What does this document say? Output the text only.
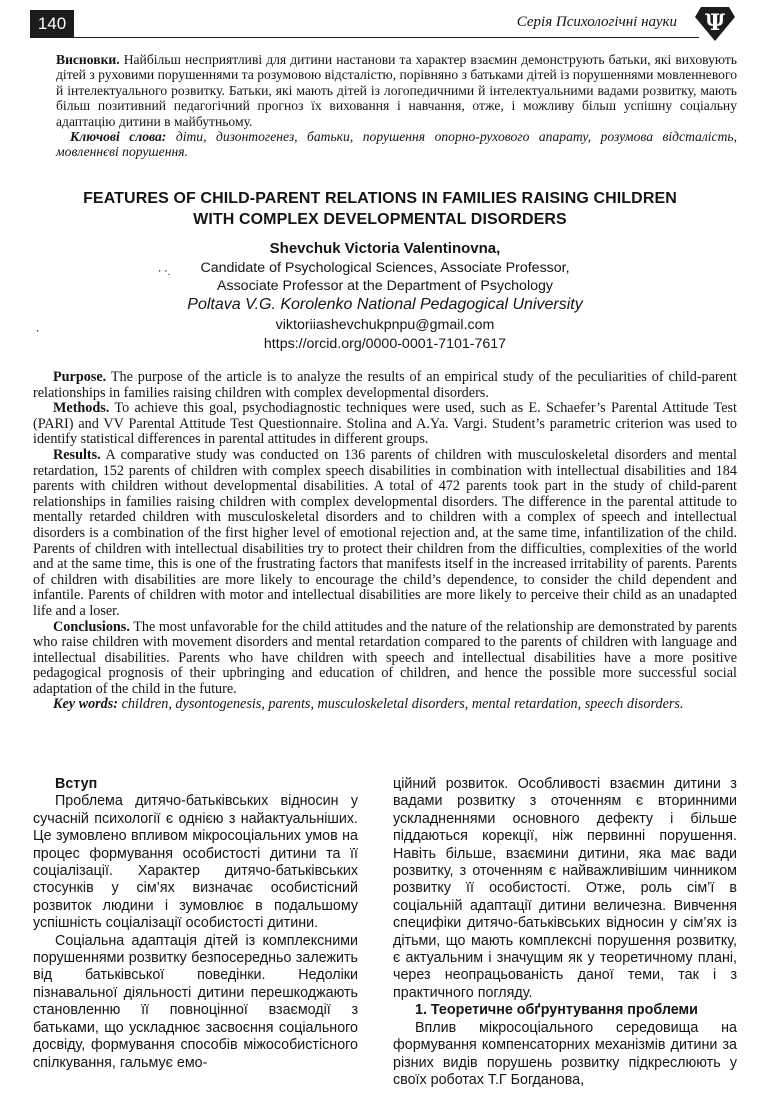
140	Серія Психологічні науки Ψ

Висновки. Найбільш несприятливі для дитини настанови та характер взаємин демонструють батьки, які виховують дітей з руховими порушеннями та розумовою відсталістю, порівняно з батьками дітей із порушеннями мовленневого й інтелектуального розвитку. Батьки, які мають дітей із логопедичними й інтелектуальними вадами розвитку, мають більш позитивний педагогічний прогноз їх виховання і навчання, отже, і можливу більш успішну соціальну адаптацію дитини в майбутньому.

Ключові слова: діти, дизонтогенез, батьки, порушення опорно-рухового апарату, розумова відсталість, мовленнєві порушення.

FEATURES OF CHILD-PARENT RELATIONS IN FAMILIES RAISING CHILDREN
WITH COMPLEX DEVELOPMENTAL DISORDERS
Shevchuk Victoria Valentinovna,
Candidate of Psychological Sciences, Associate Professor,
Associate Professor at the Department of Psychology
Poltava V.G. Korolenko National Pedagogical University
viktoriiashevchukpnpu@gmail.com
https://orcid.org/0000-0001-7101-7617
⸱ ⸱.
⸱

Purpose. The purpose of the article is to analyze the results of an empirical study of the peculiarities of child-parent relationships in families raising children with complex developmental disorders.

Methods. To achieve this goal, psychodiagnostic techniques were used, such as E. Schaefer’s Parental Attitude Test (PARI) and VV Parental Attitude Test Questionnaire. Stolina and A.Ya. Vargi. Student’s parametric criterion was used to identify statistical differences in parental attitudes in different groups.

Results. A comparative study was conducted on 136 parents of children with musculoskeletal disorders and mental retardation, 152 parents of children with complex speech disabilities in combination with intellectual disabilities and 184 parents with children without developmental disabilities. A total of 472 parents took part in the study of child-parent relationships in families raising children with complex developmental disorders. The difference in the parental attitude to mentally retarded children with musculoskeletal disorders and to children with a complex of speech and intellectual disorders is a combination of the first higher level of emotional rejection and, at the same time, infantilization of the child. Parents of children with intellectual disabilities try to protect their children from the difficulties, complexities of the world and at the same time, this is one of the frustrating factors that manifests itself in the increased irritability of parents. Parents of children with disabilities are more likely to encourage the child’s dependence, to consider the child dependent and infantile. Parents of children with motor and intellectual disabilities are more likely to perceive their child as an unadapted life and a loser.

Conclusions. The most unfavorable for the child attitudes and the nature of the relationship are demonstrated by parents who raise children with movement disorders and mental retardation compared to the parents of children with language and intellectual disabilities. Parents who have children with speech and intellectual disabilities have a more positive pedagogical prognosis of their upbringing and education of children, and hence the possible more successful social adaptation of the child in the future.

Key words: children, dysontogenesis, parents, musculoskeletal disorders, mental retardation, speech disorders.

Вступ

Проблема дитячо-батьківських відносин у сучасній психології є однією з найактуальніших. Це зумовлено впливом мікросоціальних умов на процес формування особистості дитини та її соціалізації. Характер дитячо-батьківських стосунків у сім’ях визначає особистісний розвиток людини і зумовлює в подальшому успішність соціалізації особистості дитини.

Соціальна адаптація дітей із комплексними порушеннями розвитку безпосередньо залежить від батьківської поведінки. Недоліки пізнавальної діяльності дитини перешкоджають становленню її повноцінної взаємодії з батьками, що ускладнює засвоєння соціального досвіду, формування способів міжособистісного спілкування, гальмує емо-

ційний розвиток. Особливості взаємин дитини з вадами розвитку з оточенням є вторинними ускладненнями основного дефекту і більше піддаються корекції, ніж первинні порушення. Навіть більше, взаємини дитини, яка має вади розвитку, з оточенням є найважливішим чинником розвитку її особистості. Отже, роль сім’ї в соціальній адаптації дитини величезна. Вивчення специфіки дитячо-батьківських відносин у сім’ях із дітьми, що мають комплексні порушення розвитку, є актуальним і значущим як у теоретичному плані, через неопрацьованість даної теми, так і з практичного погляду.

1. Теоретичне обґрунтування проблеми

Вплив мікросоціального середовища на формування компенсаторних механізмів дитини за різних видів порушень розвитку підкреслюють у своїх роботах Т.Г Богданова,
